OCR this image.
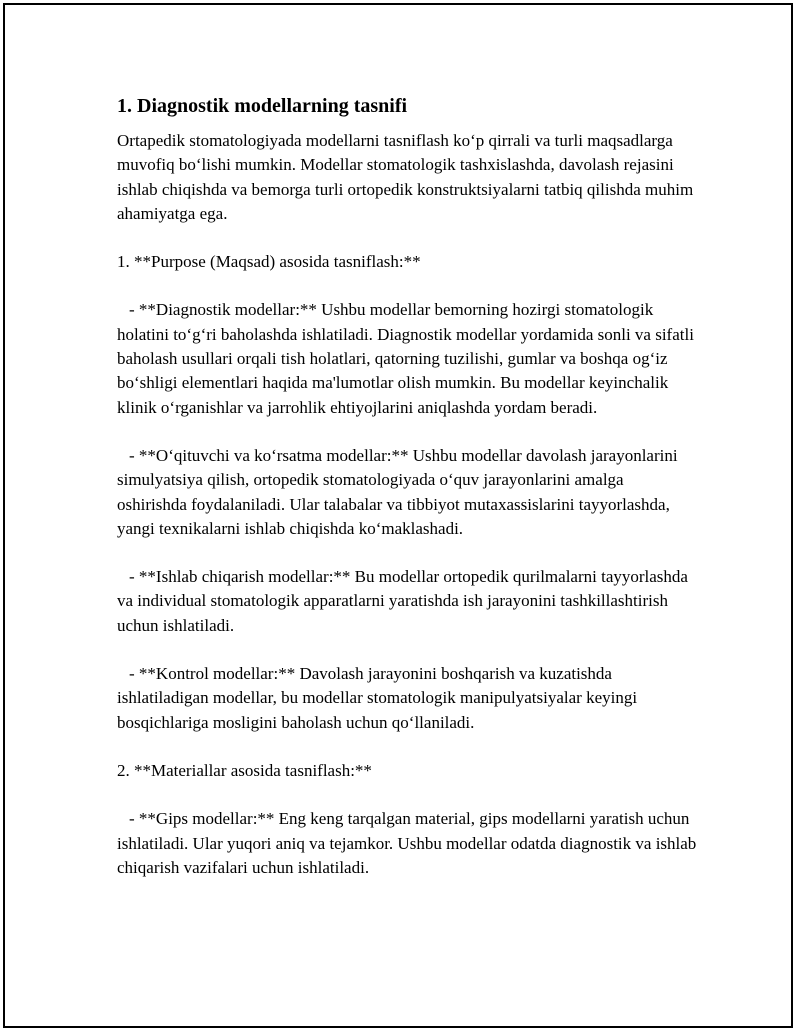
1. Diagnostik modellarning tasnifi

Ortapedik stomatologiyada modellarni tasniflash ko‘p qirrali va turli maqsadlarga muvofiq bo‘lishi mumkin. Modellar stomatologik tashxislashda, davolash rejasini ishlab chiqishda va bemorga turli ortopedik konstruktsiyalarni tatbiq qilishda muhim ahamiyatga ega.

1. **Purpose (Maqsad) asosida tasniflash:**

- **Diagnostik modellar:** Ushbu modellar bemorning hozirgi stomatologik holatini to‘g‘ri baholashda ishlatiladi. Diagnostik modellar yordamida sonli va sifatli baholash usullari orqali tish holatlari, qatorning tuzilishi, gumlar va boshqa og‘iz bo‘shligi elementlari haqida ma'lumotlar olish mumkin. Bu modellar keyinchalik klinik o‘rganishlar va jarrohlik ehtiyojlarini aniqlashda yordam beradi.

- **O‘qituvchi va ko‘rsatma modellar:** Ushbu modellar davolash jarayonlarini simulyatsiya qilish, ortopedik stomatologiyada o‘quv jarayonlarini amalga oshirishda foydalaniladi. Ular talabalar va tibbiyot mutaxassislarini tayyorlashda, yangi texnikalarni ishlab chiqishda ko‘maklashadi.

- **Ishlab chiqarish modellar:** Bu modellar ortopedik qurilmalarni tayyorlashda va individual stomatologik apparatlarni yaratishda ish jarayonini tashkillashtirish uchun ishlatiladi.

- **Kontrol modellar:** Davolash jarayonini boshqarish va kuzatishda ishlatiladigan modellar, bu modellar stomatologik manipulyatsiyalar keyingi bosqichlariga mosligini baholash uchun qo‘llaniladi.

2. **Materiallar asosida tasniflash:**

- **Gips modellar:** Eng keng tarqalgan material, gips modellarni yaratish uchun ishlatiladi. Ular yuqori aniq va tejamkor. Ushbu modellar odatda diagnostik va ishlab chiqarish vazifalari uchun ishlatiladi.
